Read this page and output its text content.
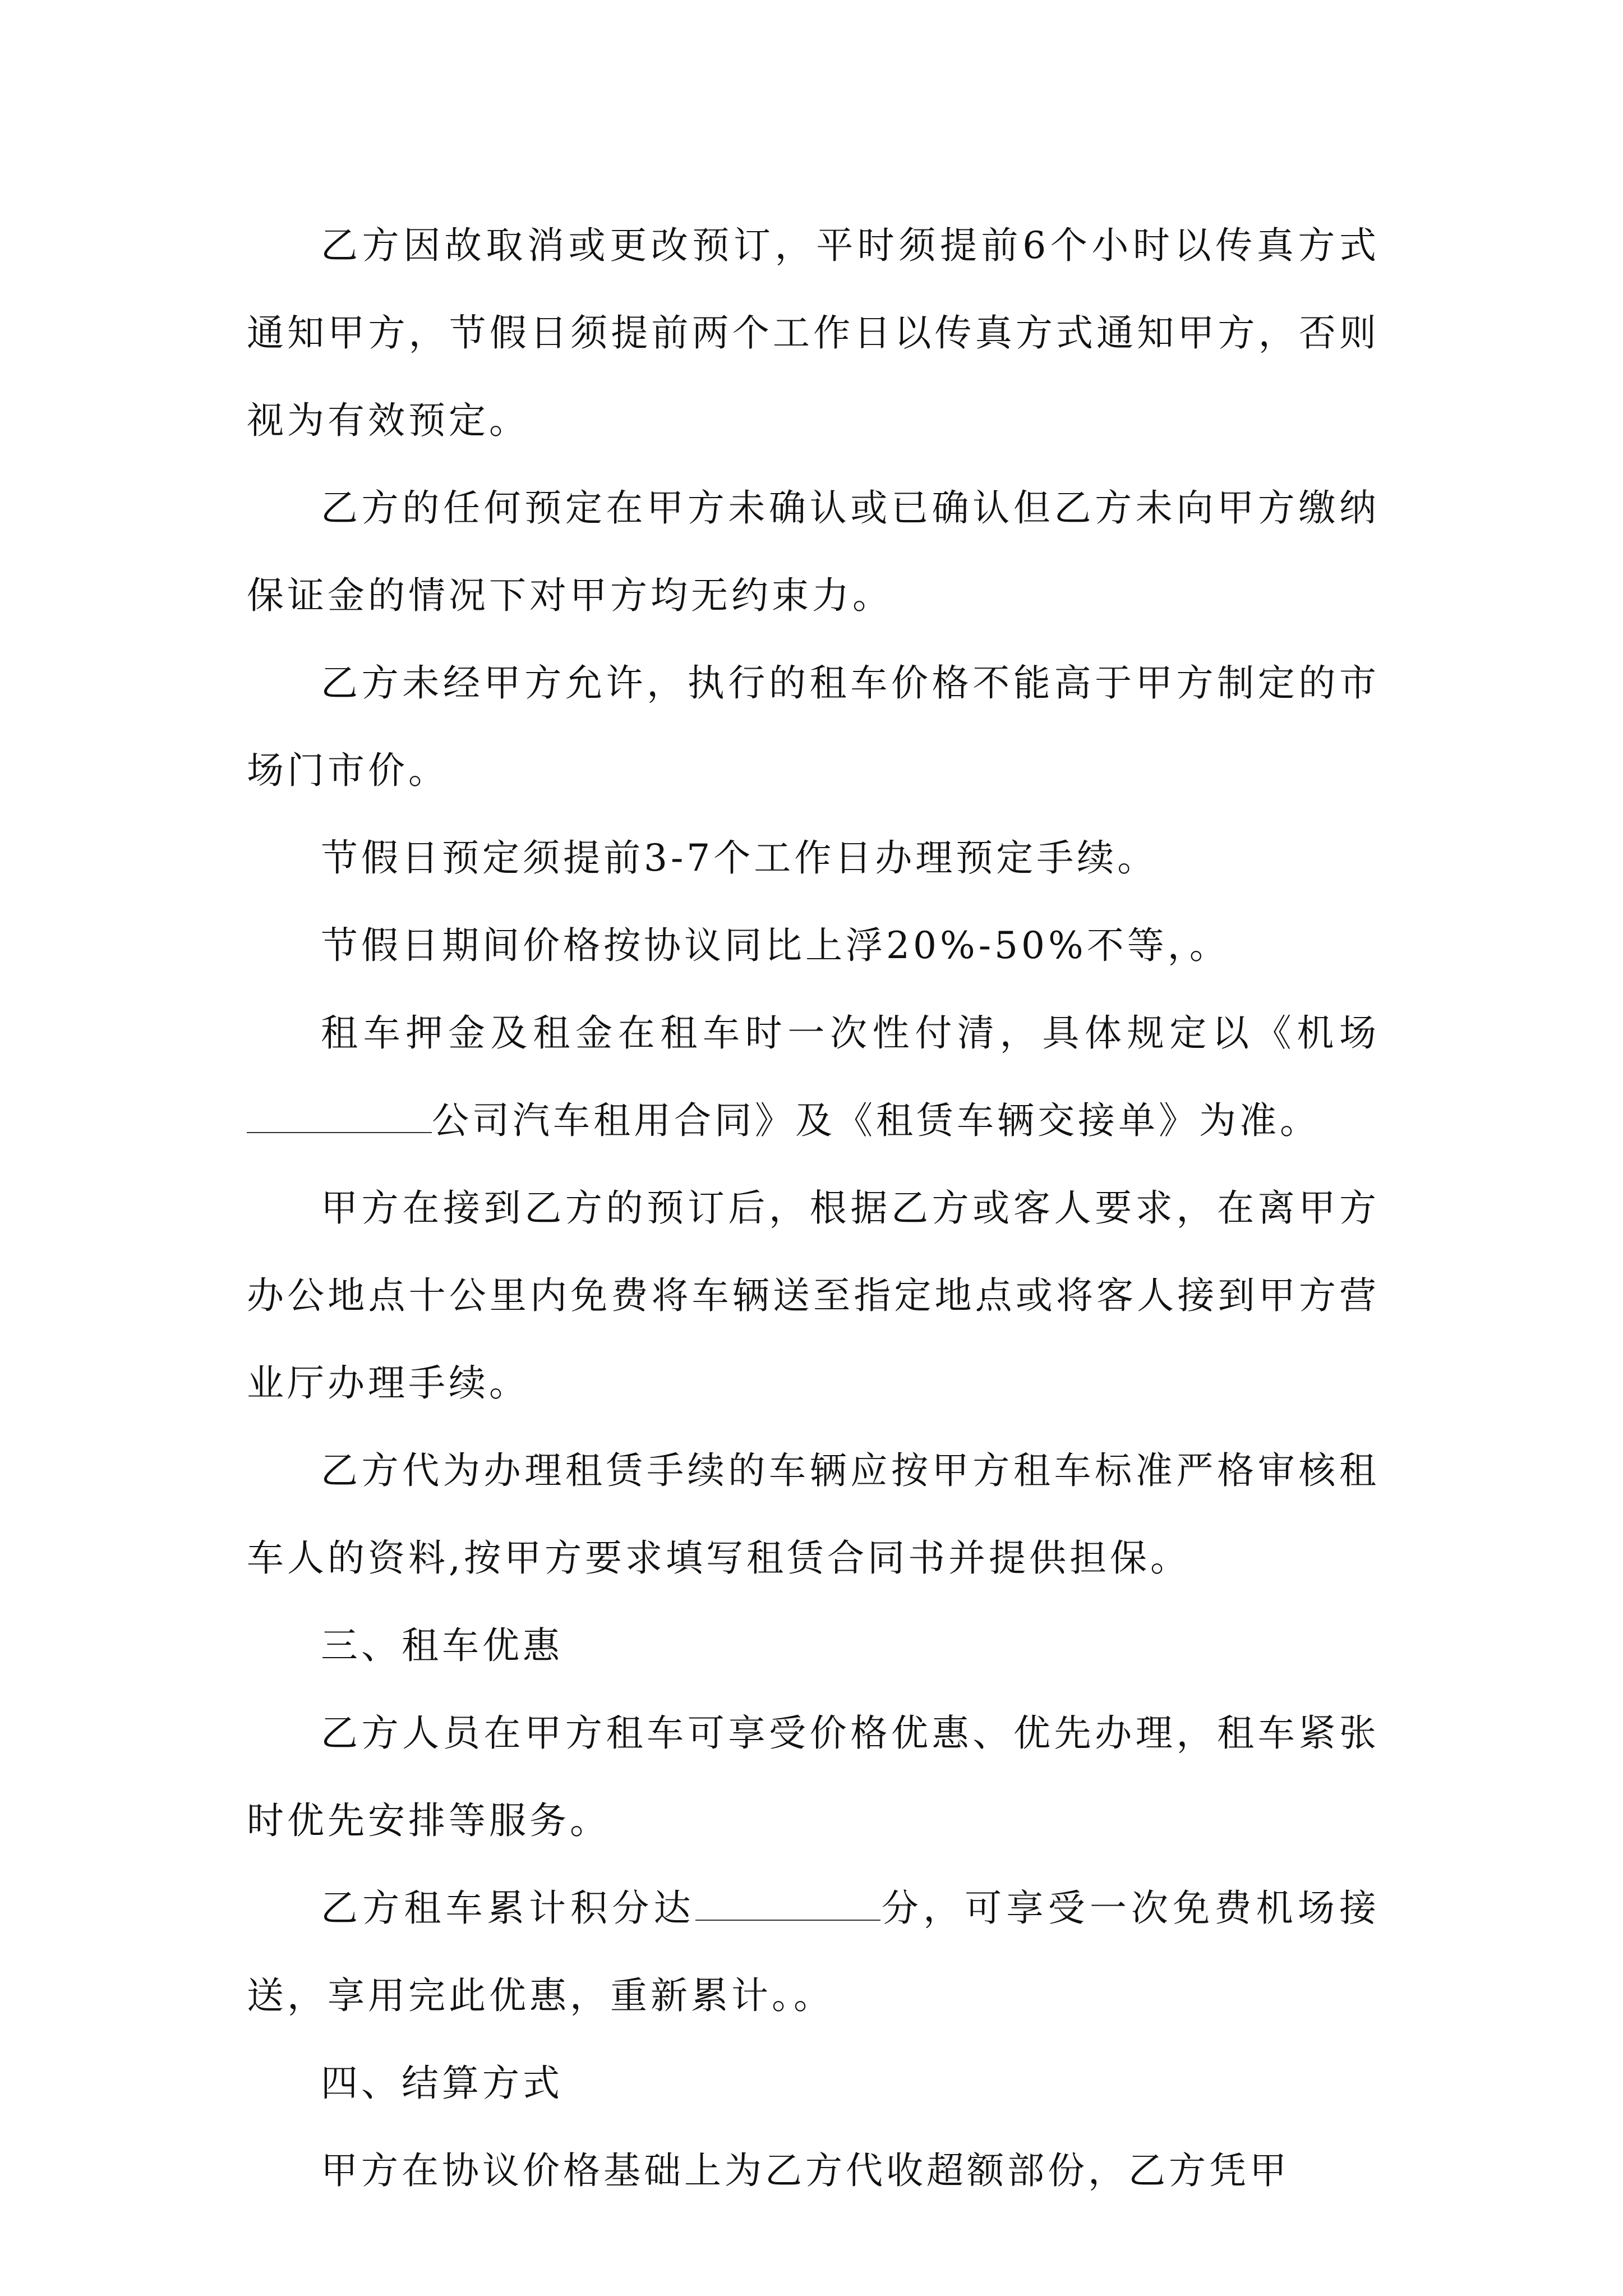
乙方因故取消或更改预订，平时须提前6个小时以传真方式通知甲方，节假日须提前两个工作日以传真方式通知甲方，否则视为有效预定。

乙方的任何预定在甲方未确认或已确认但乙方未向甲方缴纳保证金的情况下对甲方均无约束力。

乙方未经甲方允许，执行的租车价格不能高于甲方制定的市场门市价。

节假日预定须提前3-7个工作日办理预定手续。

节假日期间价格按协议同比上浮20%-50%不等，。

租车押金及租金在租车时一次性付清，具体规定以《机场公司汽车租用合同》及《租赁车辆交接单》为准。

甲方在接到乙方的预订后，根据乙方或客人要求，在离甲方办公地点十公里内免费将车辆送至指定地点或将客人接到甲方营业厅办理手续。

乙方代为办理租赁手续的车辆应按甲方租车标准严格审核租车人的资料,按甲方要求填写租赁合同书并提供担保。

三、租车优惠

乙方人员在甲方租车可享受价格优惠、优先办理，租车紧张时优先安排等服务。

乙方租车累计积分达	分，可享受一次免费机场接送，享用完此优惠，重新累计。。

四、结算方式

甲方在协议价格基础上为乙方代收超额部份，乙方凭甲
